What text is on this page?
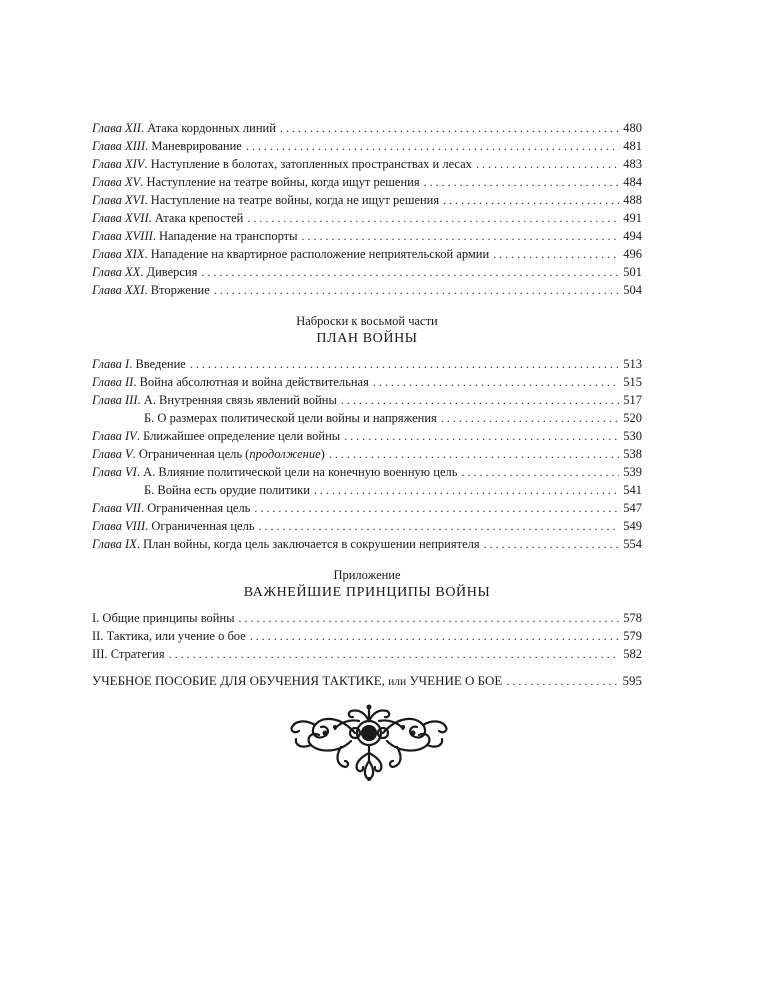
Глава XII. Атака кордонных линий . . .	480
Глава XIII. Маневрирование . . .	481
Глава XIV. Наступление в болотах, затопленных пространствах и лесах . . .	483
Глава XV. Наступление на театре войны, когда ищут решения . . .	484
Глава XVI. Наступление на театре войны, когда не ищут решения . . .	488
Глава XVII. Атака крепостей . . .	491
Глава XVIII. Нападение на транспорты . . .	494
Глава XIX. Нападение на квартирное расположение неприятельской армии . . .	496
Глава XX. Диверсия . . .	501
Глава XXI. Вторжение . . .	504
Наброски к восьмой части
ПЛАН ВОЙНЫ
Глава I. Введение . . .	513
Глава II. Война абсолютная и война действительная . . .	515
Глава III. А. Внутренняя связь явлений войны . . .	517
Б. О размерах политической цели войны и напряжения . . .	520
Глава IV. Ближайшее определение цели войны . . .	530
Глава V. Ограниченная цель (продолжение) . . .	538
Глава VI. А. Влияние политической цели на конечную военную цель . . .	539
Б. Война есть орудие политики . . .	541
Глава VII. Ограниченная цель . . .	547
Глава VIII. Ограниченная цель . . .	549
Глава IX. План войны, когда цель заключается в сокрушении неприятеля . . .	554
Приложение
ВАЖНЕЙШИЕ ПРИНЦИПЫ ВОЙНЫ
I. Общие принципы войны . . .	578
II. Тактика, или учение о бое . . .	579
III. Стратегия . . .	582
УЧЕБНОЕ ПОСОБИЕ ДЛЯ ОБУЧЕНИЯ ТАКТИКЕ, или УЧЕНИЕ О БОЕ . . .	595
